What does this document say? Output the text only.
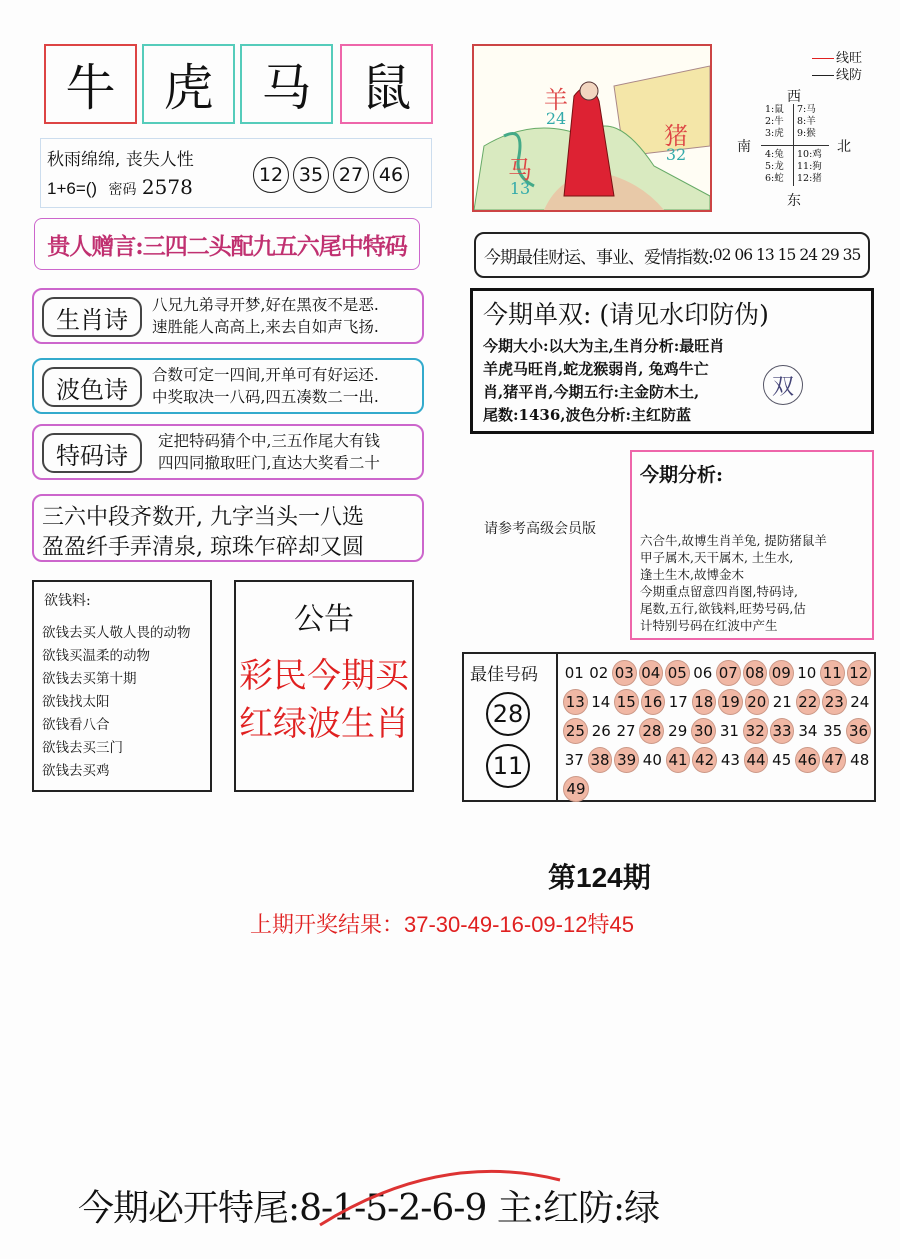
牛 虎 马	鼠
秋雨绵绵, 丧失人性
1+6=() 密码 2578	12 35 27 46
贵人赠言:三四二头配九五六尾中特码
生肖诗
八兄九弟寻开梦,好在黑夜不是恶.
速胜能人高高上,来去自如声飞扬.
波色诗
合数可定一四间,开单可有好运还.
中奖取决一八码,四五凑数二一出.
特码诗
定把特码猜个中,三五作尾大有钱
四四同撤取旺门,直达大奖看二十
三六中段齐数开, 九字当头一八选
盈盈纤手弄清泉, 琼珠乍碎却又圆
欲钱料:
欲钱去买人敬人畏的动物
欲钱买温柔的动物
欲钱去买第十期
欲钱找太阳
欲钱看八合
欲钱去买三门
欲钱去买鸡
公告
彩民今期买
红绿波生肖
羊
24
猪
32
马
13
线旺
线防
西
南	北
东
1:鼠
2:牛
3:虎
7:马
8:羊
9:猴
4:兔
5:龙
6:蛇
10:鸡
11:狗
12:猪
今期最佳财运、事业、爱情指数: 02 06 13 15 24 29 35
今期单双: (请见水印防伪)
今期大小:以大为主,生肖分析:最旺肖
羊虎马旺肖,蛇龙猴弱肖, 兔鸡牛亡
肖,猪平肖,今期五行:主金防木土,
尾数:1436,波色分析:主红防蓝
双
今期分析:
请参考高级会员版
六合牛,故博生肖羊兔, 提防猪鼠羊
甲子属木,天干属木, 土生水,
逢土生木,故博金木
今期重点留意四肖图,特码诗,
尾数,五行,欲钱料,旺势号码,估
计特别号码在红波中产生
最佳号码
28
11
01 02 03 04 05 06 07 08 09 10 11 12
13 14 15 16 17 18 19 20 21 22 23 24
25 26 27 28 29 30 31 32 33 34 35 36
37 38 39 40 41 42 43 44 45 46 47 48
49
第124期
上期开奖结果：37-30-49-16-09-12特45
今期必开特尾:8-1-5-2-6-9 主:红防:绿
